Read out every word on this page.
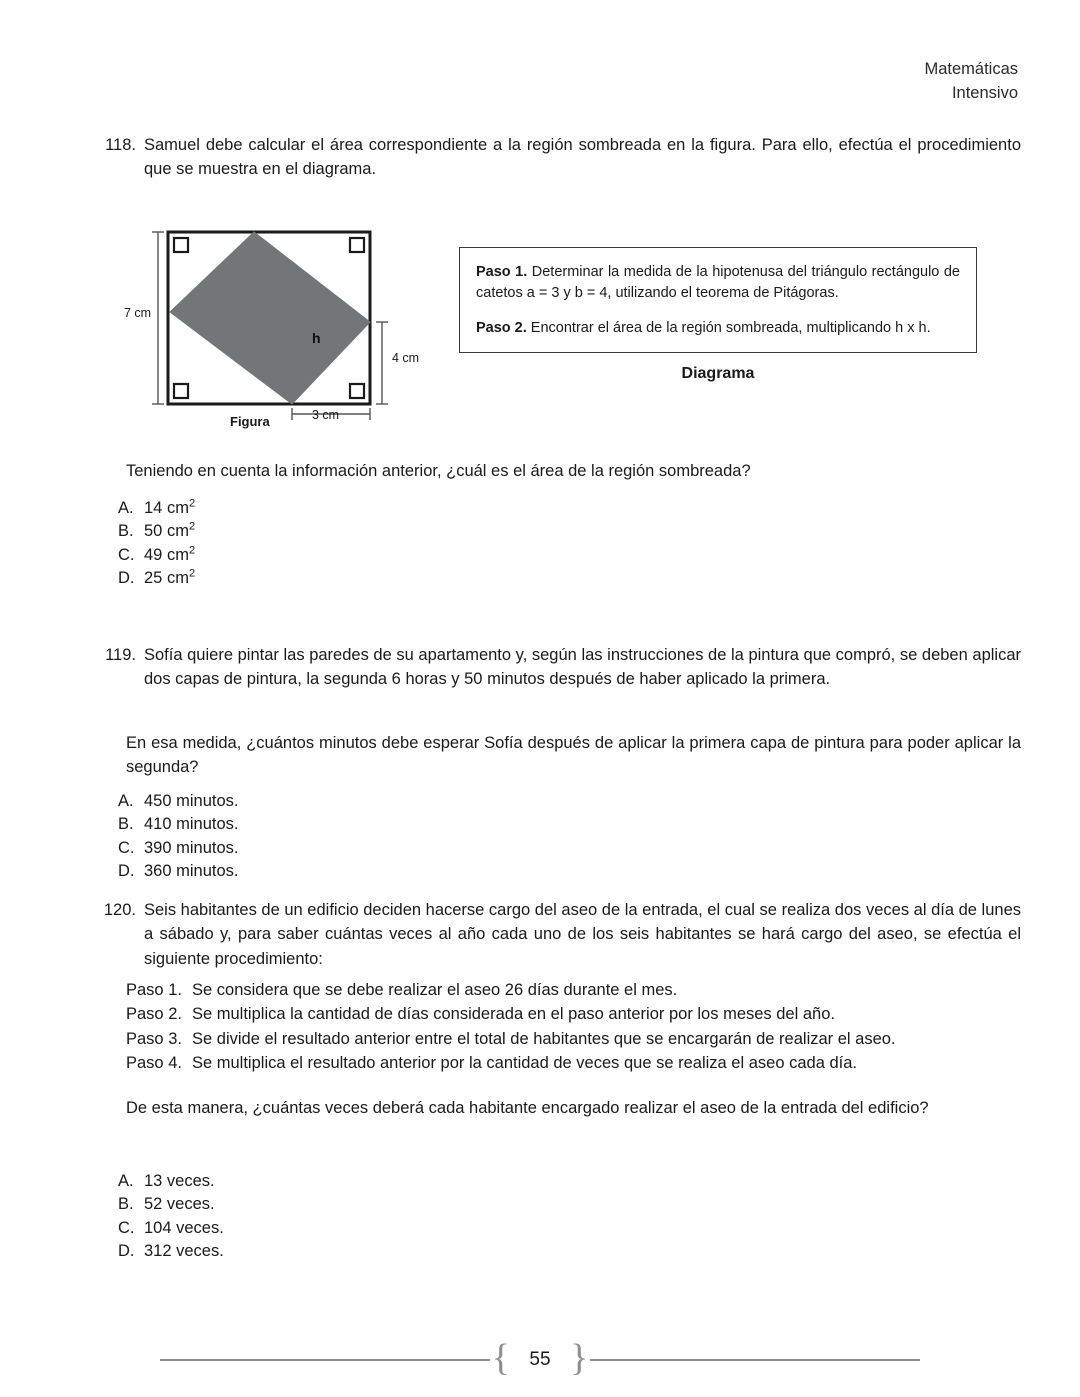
Matemáticas
Intensivo
118. Samuel debe calcular el área correspondiente a la región sombreada en la figura. Para ello, efectúa el procedimiento que se muestra en el diagrama.
7 cm
4 cm
3 cm
h
Figura
Paso 1. Determinar la medida de la hipotenusa del triángulo rectángulo de catetos a = 3 y b = 4, utilizando el teorema de Pitágoras.
Paso 2. Encontrar el área de la región sombreada, multiplicando h x h.
Diagrama
Teniendo en cuenta la información anterior, ¿cuál es el área de la región sombreada?
A. 14 $cm^2$
B. 50 $cm^2$
C. 49 $cm^2$
D. 25 $cm^2$
119. Sofía quiere pintar las paredes de su apartamento y, según las instrucciones de la pintura que compró, se deben aplicar dos capas de pintura, la segunda 6 horas y 50 minutos después de haber aplicado la primera.
En esa medida, ¿cuántos minutos debe esperar Sofía después de aplicar la primera capa de pintura para poder aplicar la segunda?
A. 450 minutos.
B. 410 minutos.
C. 390 minutos.
D. 360 minutos.
120. Seis habitantes de un edificio deciden hacerse cargo del aseo de la entrada, el cual se realiza dos veces al día de lunes a sábado y, para saber cuántas veces al año cada uno de los seis habitantes se hará cargo del aseo, se efectúa el siguiente procedimiento:
Paso 1. Se considera que se debe realizar el aseo 26 días durante el mes.
Paso 2. Se multiplica la cantidad de días considerada en el paso anterior por los meses del año.
Paso 3. Se divide el resultado anterior entre el total de habitantes que se encargarán de realizar el aseo.
Paso 4. Se multiplica el resultado anterior por la cantidad de veces que se realiza el aseo cada día.
De esta manera, ¿cuántas veces deberá cada habitante encargado realizar el aseo de la entrada del edificio?
A. 13 veces.
B. 52 veces.
C. 104 veces.
D. 312 veces.
{	55 }
